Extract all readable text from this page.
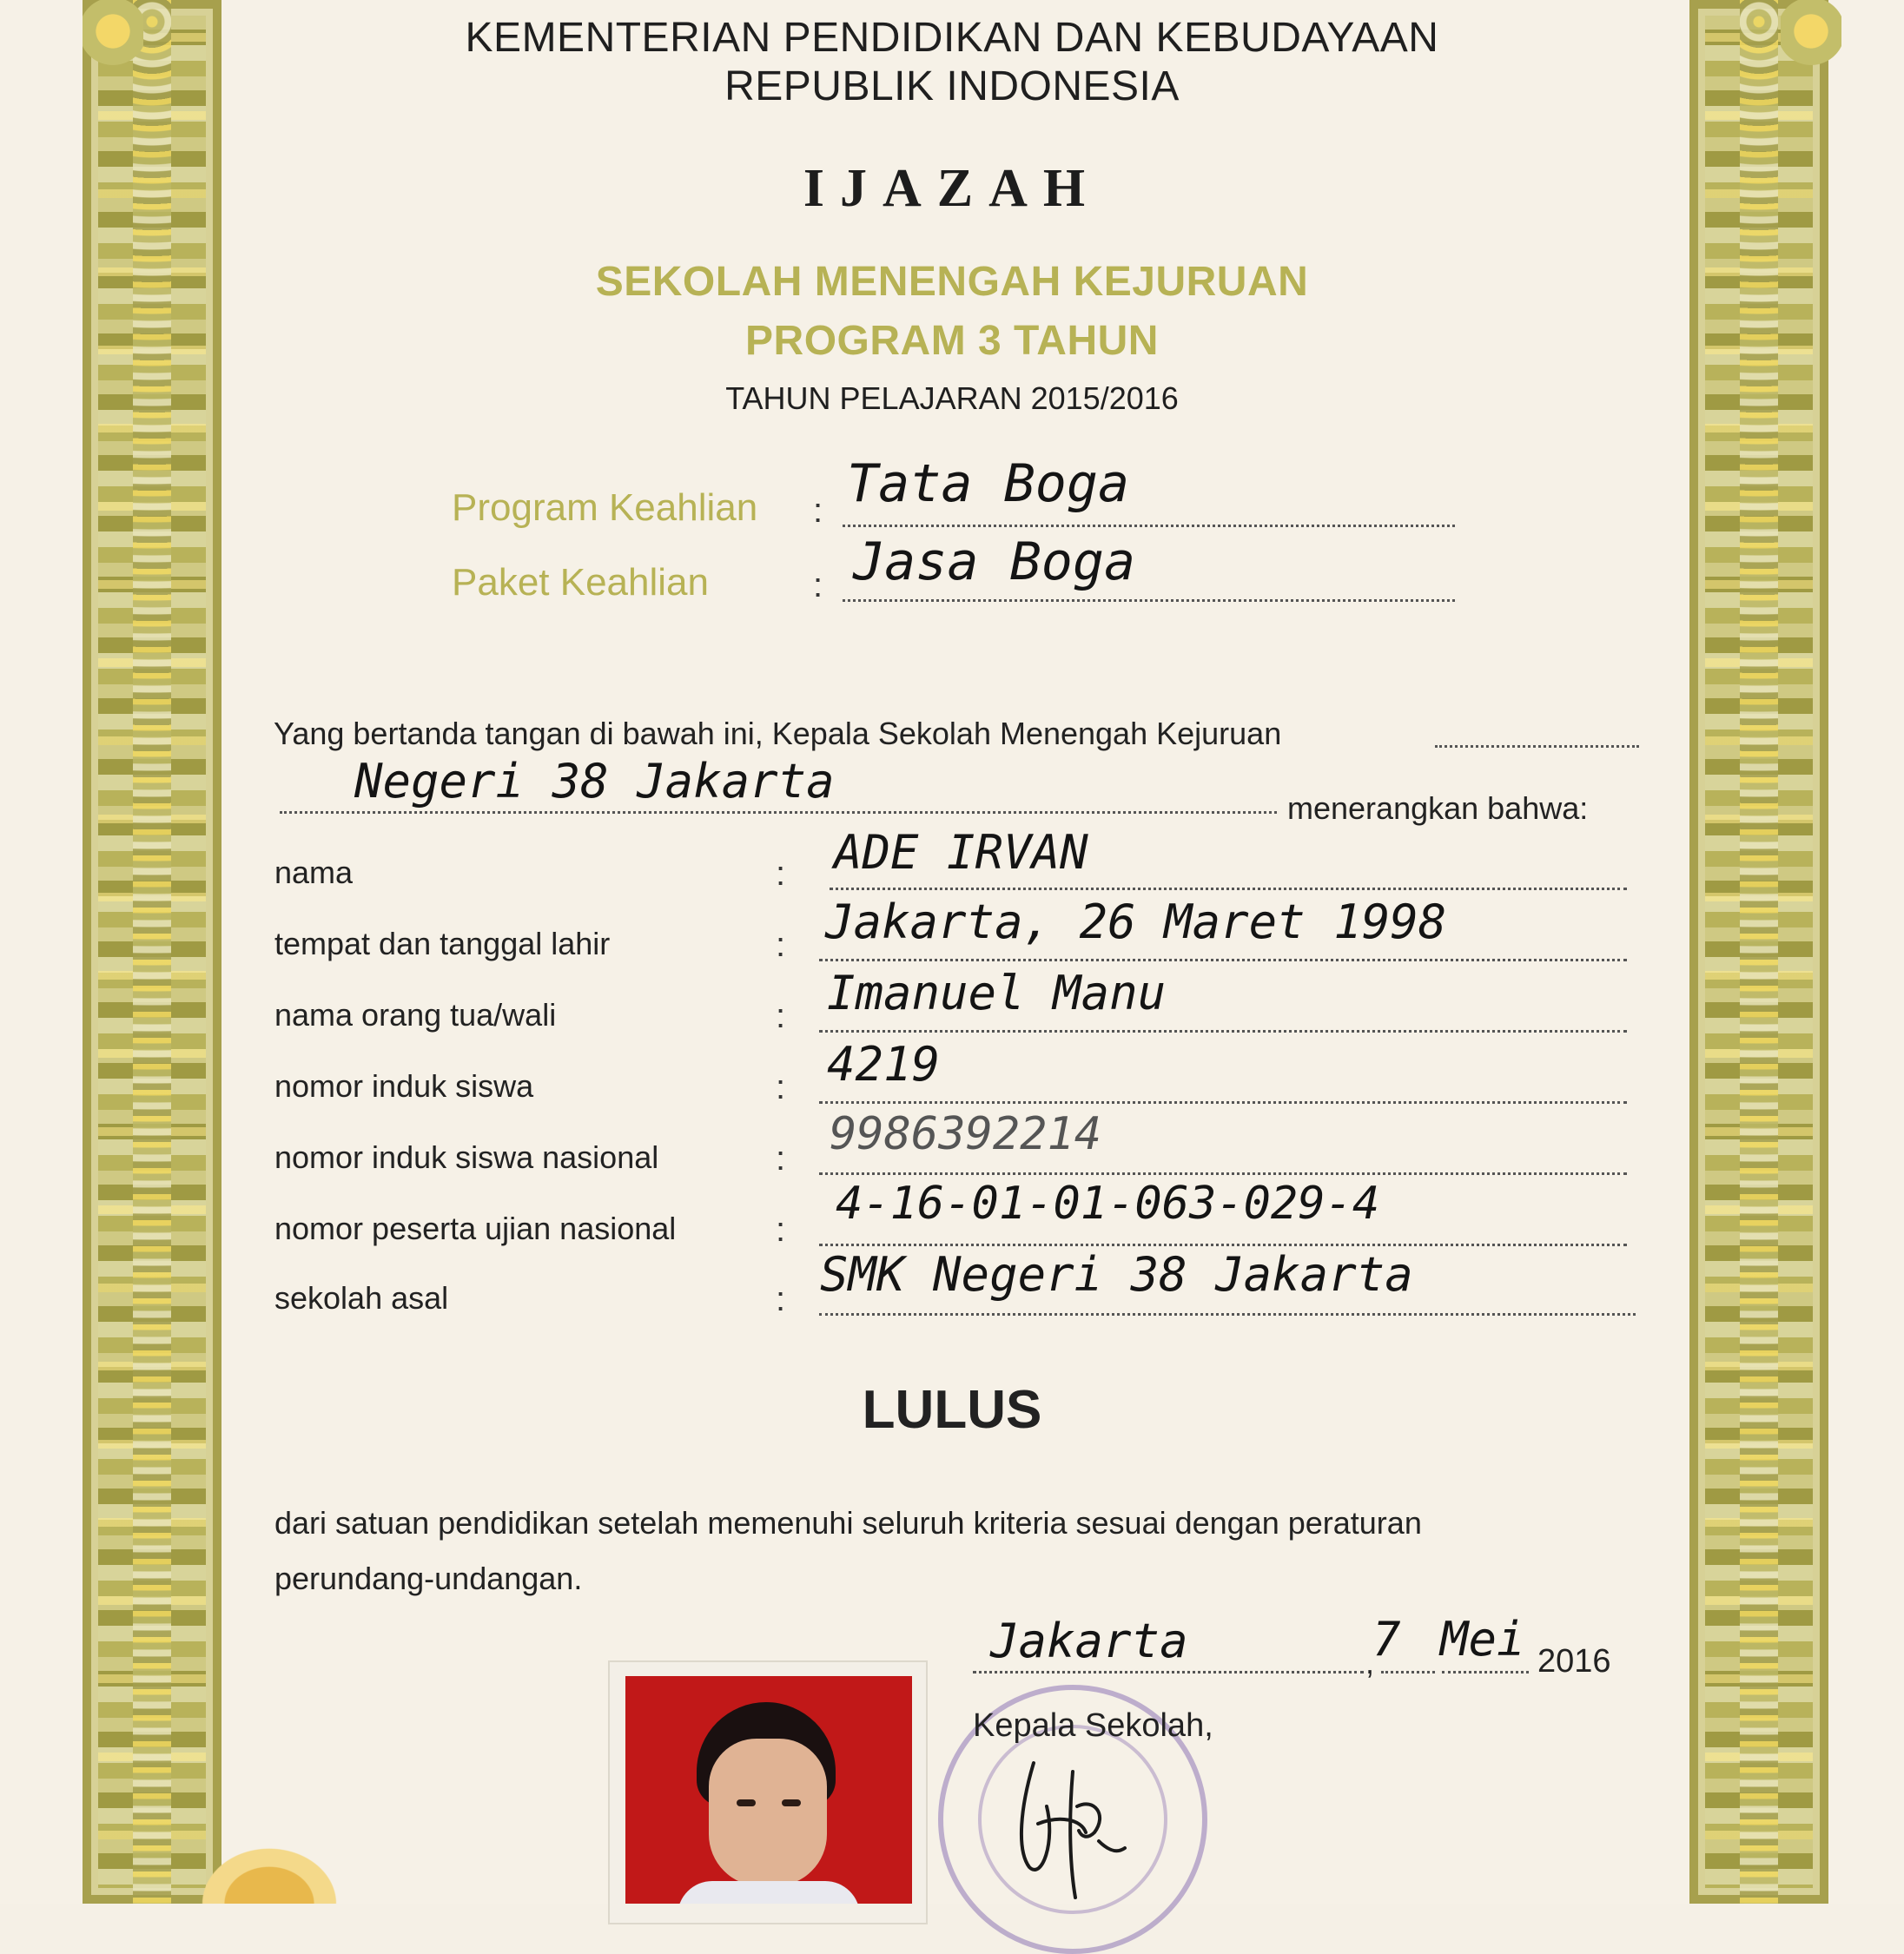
KEMENTERIAN PENDIDIKAN DAN KEBUDAYAAN
REPUBLIK INDONESIA
IJAZAH
SEKOLAH MENENGAH KEJURUAN
PROGRAM 3 TAHUN
TAHUN PELAJARAN 2015/2016
Program Keahlian : Tata Boga
Paket Keahlian	: Jasa Boga
Yang bertanda tangan di bawah ini, Kepala Sekolah Menengah Kejuruan
Negeri 38 Jakarta	menerangkan bahwa:
nama	: ADE IRVAN
tempat dan tanggal lahir	: Jakarta, 26 Maret 1998
nama orang tua/wali	: Imanuel Manu
nomor induk siswa	: 4219
nomor induk siswa nasional	: 9986392214
nomor peserta ujian nasional	: 4-16-01-01-063-029-4
sekolah asal	: SMK Negeri 38 Jakarta
LULUS
dari satuan pendidikan setelah memenuhi seluruh kriteria sesuai dengan peraturan
perundang-undangan.
Jakarta	,
7 Mei 2016
Kepala Sekolah,
